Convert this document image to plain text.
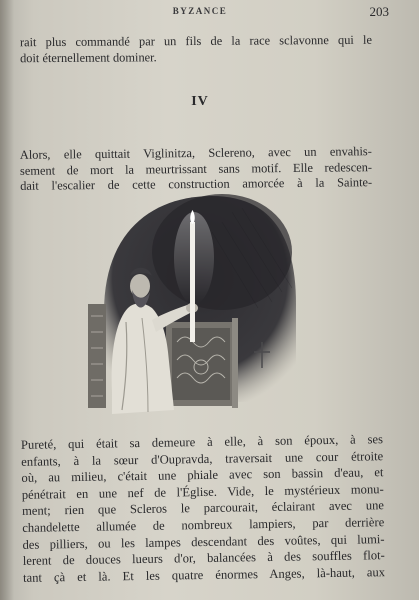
BYZANCE	203
rait plus commandé par un fils de la race sclavonne qui le
doit éternellement dominer.
IV
Alors, elle quittait Viglinitza, Sclereno, avec un envahis-
sement de mort la meurtrissant sans motif. Elle redescen-
dait l'escalier de cette construction amorcée à la Sainte-
Pureté, qui était sa demeure à elle, à son époux, à ses
enfants, à la sœur d'Oupravda, traversait une cour étroite
où, au milieu, c'était une phiale avec son bassin d'eau, et
pénétrait en une nef de l'Église. Vide, le mystérieux monu-
ment; rien que Scleros le parcourait, éclairant avec une
chandelette allumée de nombreux lampiers, par derrière
des pilliers, ou les lampes descendant des voûtes, qui lumi-
lerent de douces lueurs d'or, balancées à des souffles flot-
tant çà et là. Et les quatre énormes Anges, là-haut, aux
